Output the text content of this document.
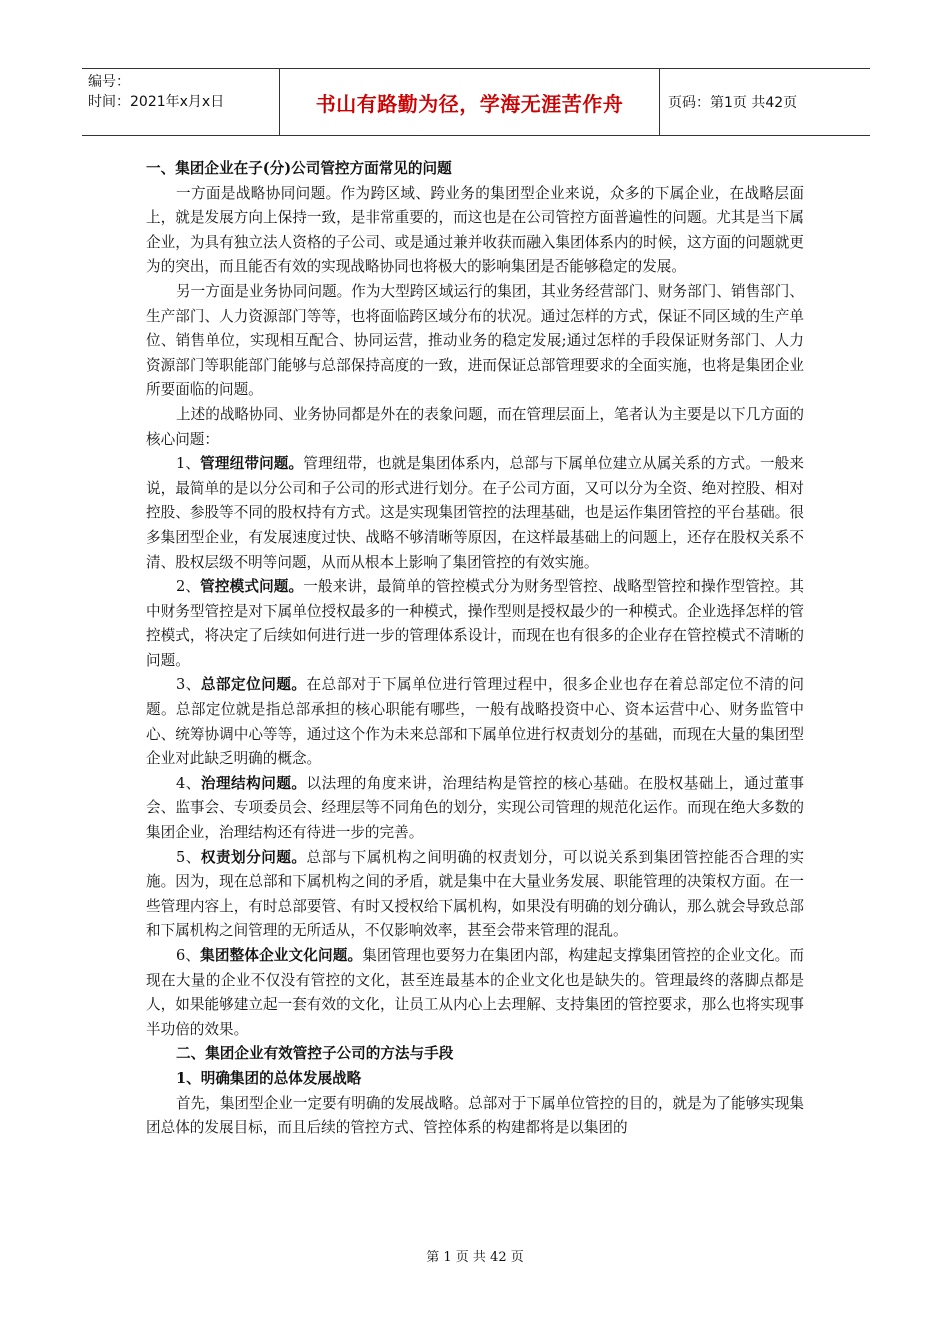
编号：
时间：2021年x月x日	书山有路勤为径，学海无涯苦作舟	页码：第1页 共42页

一、集团企业在子(分)公司管控方面常见的问题

一方面是战略协同问题。作为跨区域、跨业务的集团型企业来说，众多的下属企业，在战略层面上，就是发展方向上保持一致，是非常重要的，而这也是在公司管控方面普遍性的问题。尤其是当下属企业，为具有独立法人资格的子公司、或是通过兼并收获而融入集团体系内的时候，这方面的问题就更为的突出，而且能否有效的实现战略协同也将极大的影响集团是否能够稳定的发展。

另一方面是业务协同问题。作为大型跨区域运行的集团，其业务经营部门、财务部门、销售部门、生产部门、人力资源部门等等，也将面临跨区域分布的状况。通过怎样的方式，保证不同区域的生产单位、销售单位，实现相互配合、协同运营，推动业务的稳定发展;通过怎样的手段保证财务部门、人力资源部门等职能部门能够与总部保持高度的一致，进而保证总部管理要求的全面实施，也将是集团企业所要面临的问题。

上述的战略协同、业务协同都是外在的表象问题，而在管理层面上，笔者认为主要是以下几方面的核心问题：

1、管理纽带问题。管理纽带，也就是集团体系内，总部与下属单位建立从属关系的方式。一般来说，最简单的是以分公司和子公司的形式进行划分。在子公司方面，又可以分为全资、绝对控股、相对控股、参股等不同的股权持有方式。这是实现集团管控的法理基础，也是运作集团管控的平台基础。很多集团型企业，有发展速度过快、战略不够清晰等原因，在这样最基础上的问题上，还存在股权关系不清、股权层级不明等问题，从而从根本上影响了集团管控的有效实施。

2、管控模式问题。一般来讲，最简单的管控模式分为财务型管控、战略型管控和操作型管控。其中财务型管控是对下属单位授权最多的一种模式，操作型则是授权最少的一种模式。企业选择怎样的管控模式，将决定了后续如何进行进一步的管理体系设计，而现在也有很多的企业存在管控模式不清晰的问题。

3、总部定位问题。在总部对于下属单位进行管理过程中，很多企业也存在着总部定位不清的问题。总部定位就是指总部承担的核心职能有哪些，一般有战略投资中心、资本运营中心、财务监管中心、统筹协调中心等等，通过这个作为未来总部和下属单位进行权责划分的基础，而现在大量的集团型企业对此缺乏明确的概念。

4、治理结构问题。以法理的角度来讲，治理结构是管控的核心基础。在股权基础上，通过董事会、监事会、专项委员会、经理层等不同角色的划分，实现公司管理的规范化运作。而现在绝大多数的集团企业，治理结构还有待进一步的完善。

5、权责划分问题。总部与下属机构之间明确的权责划分，可以说关系到集团管控能否合理的实施。因为，现在总部和下属机构之间的矛盾，就是集中在大量业务发展、职能管理的决策权方面。在一些管理内容上，有时总部要管、有时又授权给下属机构，如果没有明确的划分确认，那么就会导致总部和下属机构之间管理的无所适从，不仅影响效率，甚至会带来管理的混乱。

6、集团整体企业文化问题。集团管理也要努力在集团内部，构建起支撑集团管控的企业文化。而现在大量的企业不仅没有管控的文化，甚至连最基本的企业文化也是缺失的。管理最终的落脚点都是人，如果能够建立起一套有效的文化，让员工从内心上去理解、支持集团的管控要求，那么也将实现事半功倍的效果。

二、集团企业有效管控子公司的方法与手段

1、明确集团的总体发展战略

首先，集团型企业一定要有明确的发展战略。总部对于下属单位管控的目的，就是为了能够实现集团总体的发展目标，而且后续的管控方式、管控体系的构建都将是以集团的

第 1 页 共 42 页
